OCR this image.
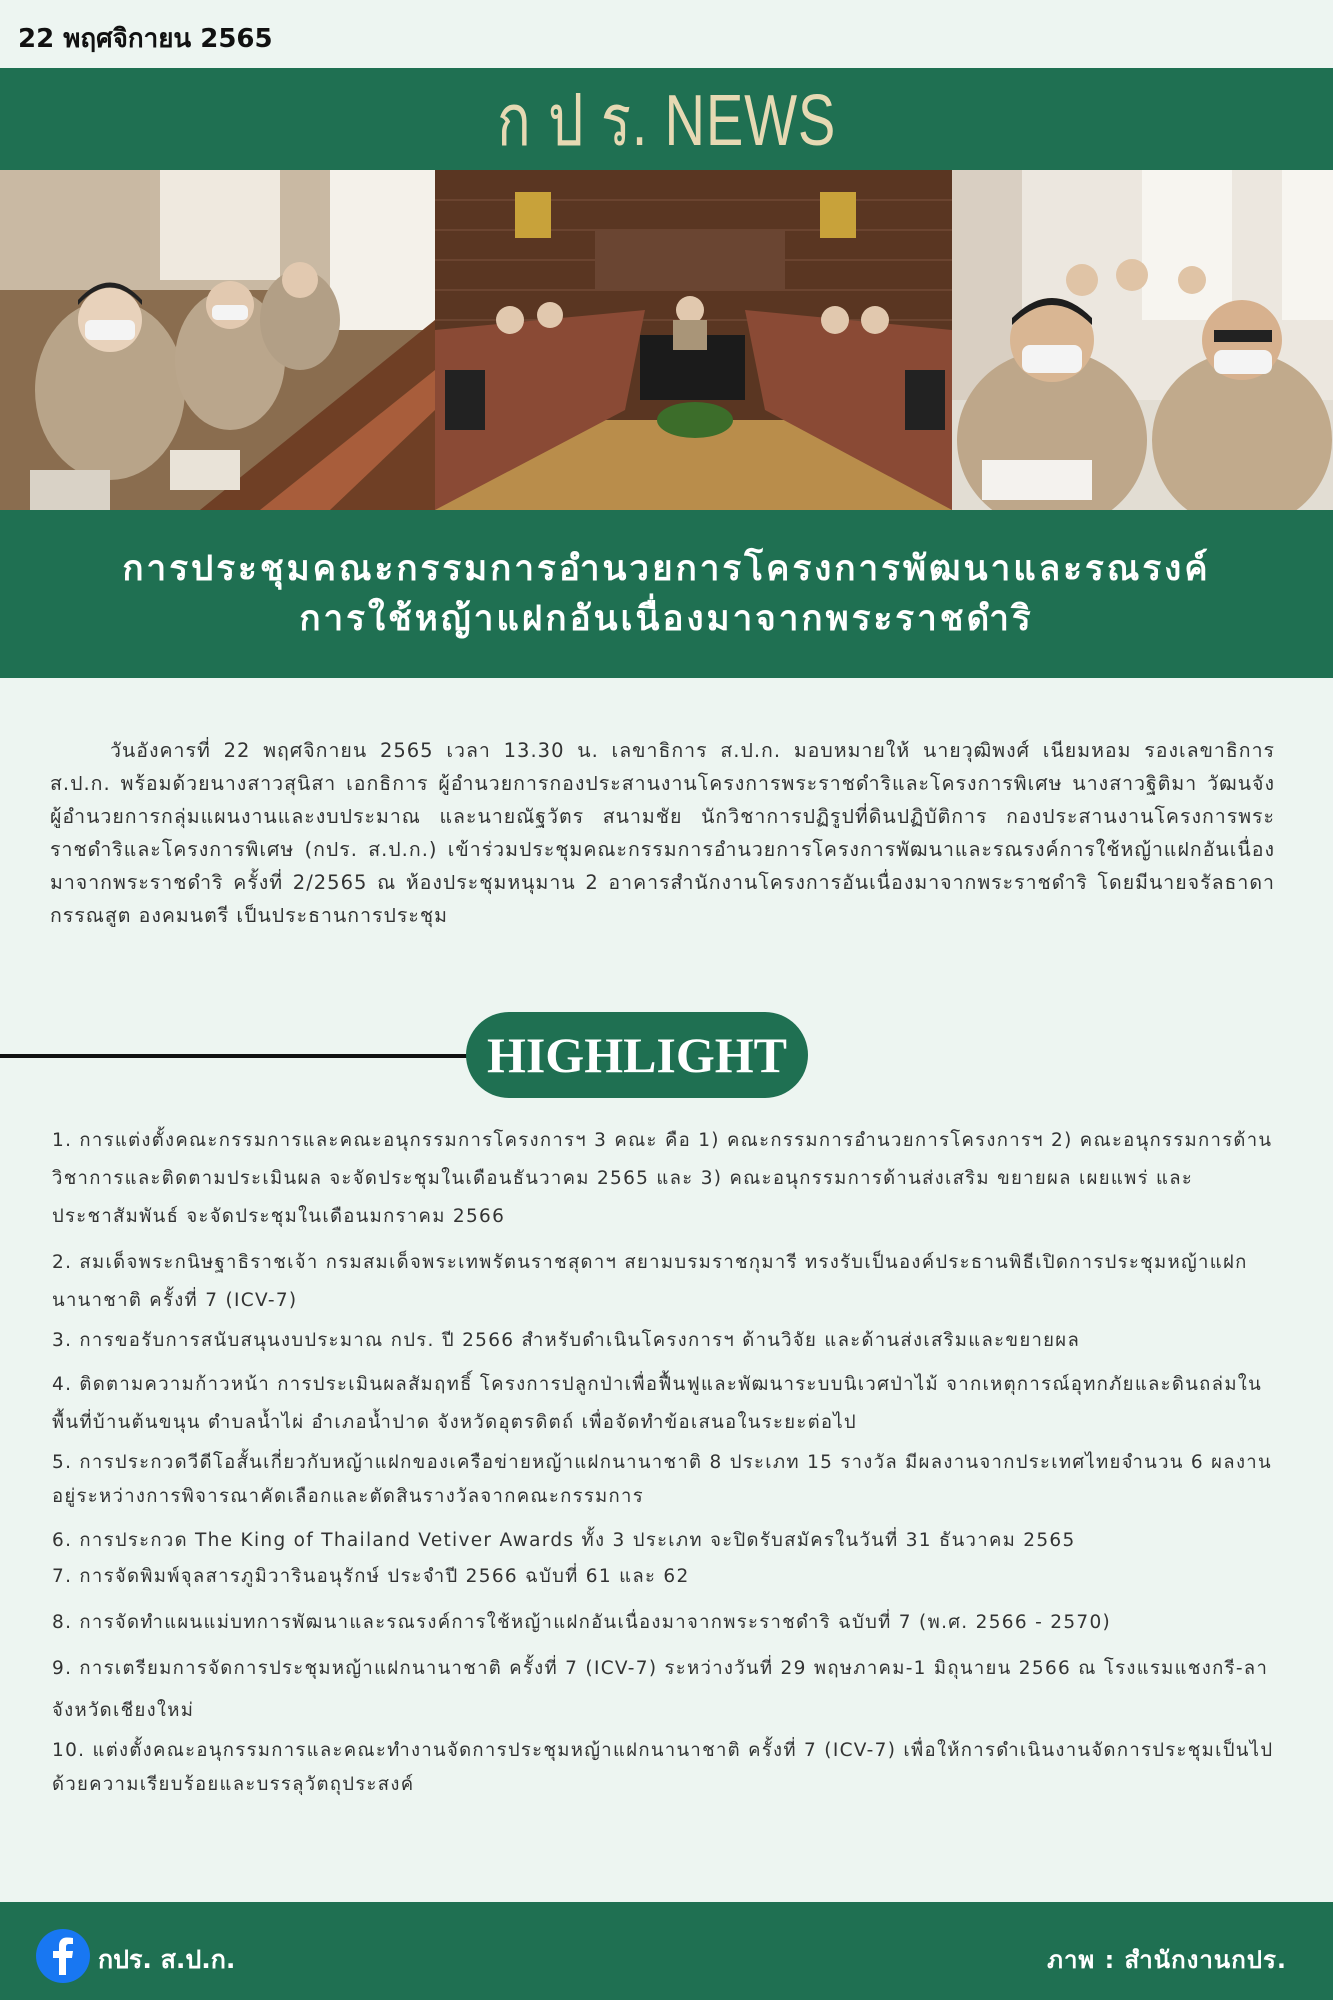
22 พฤศจิกายน 2565
ก ป ร. NEWS
การประชุมคณะกรรมการอำนวยการโครงการพัฒนาและรณรงค์
การใช้หญ้าแฝกอันเนื่องมาจากพระราชดำริ
วันอังคารที่ 22 พฤศจิกายน 2565 เวลา 13.30 น. เลขาธิการ ส.ป.ก. มอบหมายให้ นายวุฒิพงศ์ เนียมหอม รองเลขาธิการ ส.ป.ก. พร้อมด้วยนางสาวสุนิสา เอกธิการ ผู้อำนวยการกองประสานงานโครงการพระราชดำริและโครงการพิเศษ นางสาวฐิติมา วัฒนจัง ผู้อำนวยการกลุ่มแผนงานและงบประมาณ และนายณัฐวัตร สนามชัย นักวิชาการปฏิรูปที่ดินปฏิบัติการ กองประสานงานโครงการพระราชดำริและโครงการพิเศษ (กปร. ส.ป.ก.) เข้าร่วมประชุมคณะกรรมการอำนวยการโครงการพัฒนาและรณรงค์การใช้หญ้าแฝกอันเนื่องมาจากพระราชดำริ ครั้งที่ 2/2565 ณ ห้องประชุมหนุมาน 2 อาคารสำนักงานโครงการอันเนื่องมาจากพระราชดำริ โดยมีนายจรัลธาดา กรรณสูต องคมนตรี เป็นประธานการประชุม
HIGHLIGHT
1. การแต่งตั้งคณะกรรมการและคณะอนุกรรมการโครงการฯ 3 คณะ คือ 1) คณะกรรมการอำนวยการโครงการฯ 2) คณะอนุกรรมการด้านวิชาการและติดตามประเมินผล จะจัดประชุมในเดือนธันวาคม 2565 และ 3) คณะอนุกรรมการด้านส่งเสริม ขยายผล เผยแพร่ และประชาสัมพันธ์ จะจัดประชุมในเดือนมกราคม 2566
2. สมเด็จพระกนิษฐาธิราชเจ้า กรมสมเด็จพระเทพรัตนราชสุดาฯ สยามบรมราชกุมารี ทรงรับเป็นองค์ประธานพิธีเปิดการประชุมหญ้าแฝกนานาชาติ ครั้งที่ 7 (ICV-7)
3. การขอรับการสนับสนุนงบประมาณ กปร. ปี 2566 สำหรับดำเนินโครงการฯ ด้านวิจัย และด้านส่งเสริมและขยายผล
4. ติดตามความก้าวหน้า การประเมินผลสัมฤทธิ์ โครงการปลูกป่าเพื่อฟื้นฟูและพัฒนาระบบนิเวศป่าไม้ จากเหตุการณ์อุทกภัยและดินถล่มในพื้นที่บ้านต้นขนุน ตำบลน้ำไผ่ อำเภอน้ำปาด จังหวัดอุตรดิตถ์ เพื่อจัดทำข้อเสนอในระยะต่อไป
5. การประกวดวีดีโอสั้นเกี่ยวกับหญ้าแฝกของเครือข่ายหญ้าแฝกนานาชาติ 8 ประเภท 15 รางวัล มีผลงานจากประเทศไทยจำนวน 6 ผลงาน อยู่ระหว่างการพิจารณาคัดเลือกและตัดสินรางวัลจากคณะกรรมการ
6. การประกวด The King of Thailand Vetiver Awards ทั้ง 3 ประเภท จะปิดรับสมัครในวันที่ 31 ธันวาคม 2565
7. การจัดพิมพ์จุลสารภูมิวารินอนุรักษ์ ประจำปี 2566 ฉบับที่ 61 และ 62
8. การจัดทำแผนแม่บทการพัฒนาและรณรงค์การใช้หญ้าแฝกอันเนื่องมาจากพระราชดำริ ฉบับที่ 7 (พ.ศ. 2566 - 2570)
9. การเตรียมการจัดการประชุมหญ้าแฝกนานาชาติ ครั้งที่ 7 (ICV-7) ระหว่างวันที่ 29 พฤษภาคม-1 มิถุนายน 2566 ณ โรงแรมแชงกรี-ลา จังหวัดเชียงใหม่
10. แต่งตั้งคณะอนุกรรมการและคณะทำงานจัดการประชุมหญ้าแฝกนานาชาติ ครั้งที่ 7 (ICV-7) เพื่อให้การดำเนินงานจัดการประชุมเป็นไปด้วยความเรียบร้อยและบรรลุวัตถุประสงค์
กปร. ส.ป.ก.	ภาพ : สำนักงานกปร.
